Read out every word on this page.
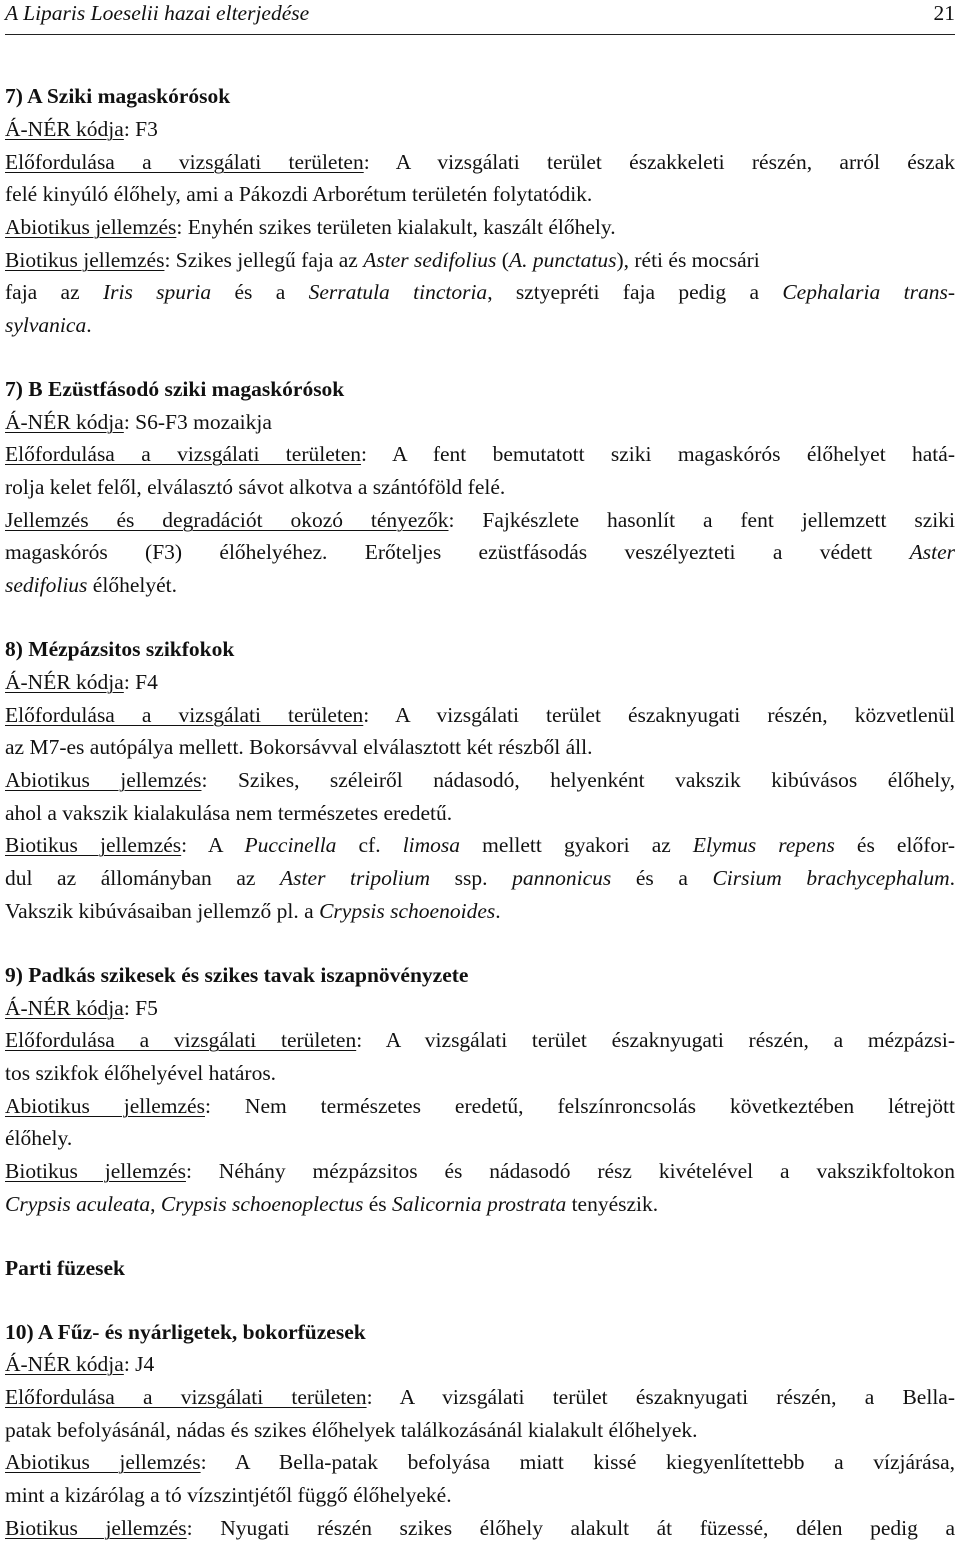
A Liparis Loeselii hazai elterjedése	21
7) A Sziki magaskórósok
Á-NÉR kódja: F3
Előfordulása a vizsgálati területen: A vizsgálati terület északkeleti részén, arról észak
felé kinyúló élőhely, ami a Pákozdi Arborétum területén folytatódik.
Abiotikus jellemzés: Enyhén szikes területen kialakult, kaszált élőhely.
Biotikus jellemzés: Szikes jellegű faja az Aster sedifolius (A. punctatus), réti és mocsári
faja az Iris spuria és a Serratula tinctoria, sztyepréti faja pedig a Cephalaria trans-
sylvanica.
7) B Ezüstfásodó sziki magaskórósok
Á-NÉR kódja: S6-F3 mozaikja
Előfordulása a vizsgálati területen: A fent bemutatott sziki magaskórós élőhelyet hatá-
rolja kelet felől, elválasztó sávot alkotva a szántóföld felé.
Jellemzés és degradációt okozó tényezők: Fajkészlete hasonlít a fent jellemzett sziki
magaskórós (F3) élőhelyéhez. Erőteljes ezüstfásodás veszélyezteti a védett Aster
sedifolius élőhelyét.
8) Mézpázsitos szikfokok
Á-NÉR kódja: F4
Előfordulása a vizsgálati területen: A vizsgálati terület északnyugati részén, közvetlenül
az M7-es autópálya mellett. Bokorsávval elválasztott két részből áll.
Abiotikus jellemzés: Szikes, széleiről nádasodó, helyenként vakszik kibúvásos élőhely,
ahol a vakszik kialakulása nem természetes eredetű.
Biotikus jellemzés: A Puccinella cf. limosa mellett gyakori az Elymus repens és előfor-
dul az állományban az Aster tripolium ssp. pannonicus és a Cirsium brachycephalum.
Vakszik kibúvásaiban jellemző pl. a Crypsis schoenoides.
9) Padkás szikesek és szikes tavak iszapnövényzete
Á-NÉR kódja: F5
Előfordulása a vizsgálati területen: A vizsgálati terület északnyugati részén, a mézpázsi-
tos szikfok élőhelyével határos.
Abiotikus jellemzés: Nem természetes eredetű, felszínroncsolás következtében létrejött
élőhely.
Biotikus jellemzés: Néhány mézpázsitos és nádasodó rész kivételével a vakszikfoltokon
Crypsis aculeata, Crypsis schoenoplectus és Salicornia prostrata tenyészik.
Parti füzesek
10) A Fűz- és nyárligetek, bokorfüzesek
Á-NÉR kódja: J4
Előfordulása a vizsgálati területen: A vizsgálati terület északnyugati részén, a Bella-
patak befolyásánál, nádas és szikes élőhelyek találkozásánál kialakult élőhelyek.
Abiotikus jellemzés: A Bella-patak befolyása miatt kissé kiegyenlítettebb a vízjárása,
mint a kizárólag a tó vízszintjétől függő élőhelyeké.
Biotikus jellemzés: Nyugati részén szikes élőhely alakult át füzessé, délen pedig a
